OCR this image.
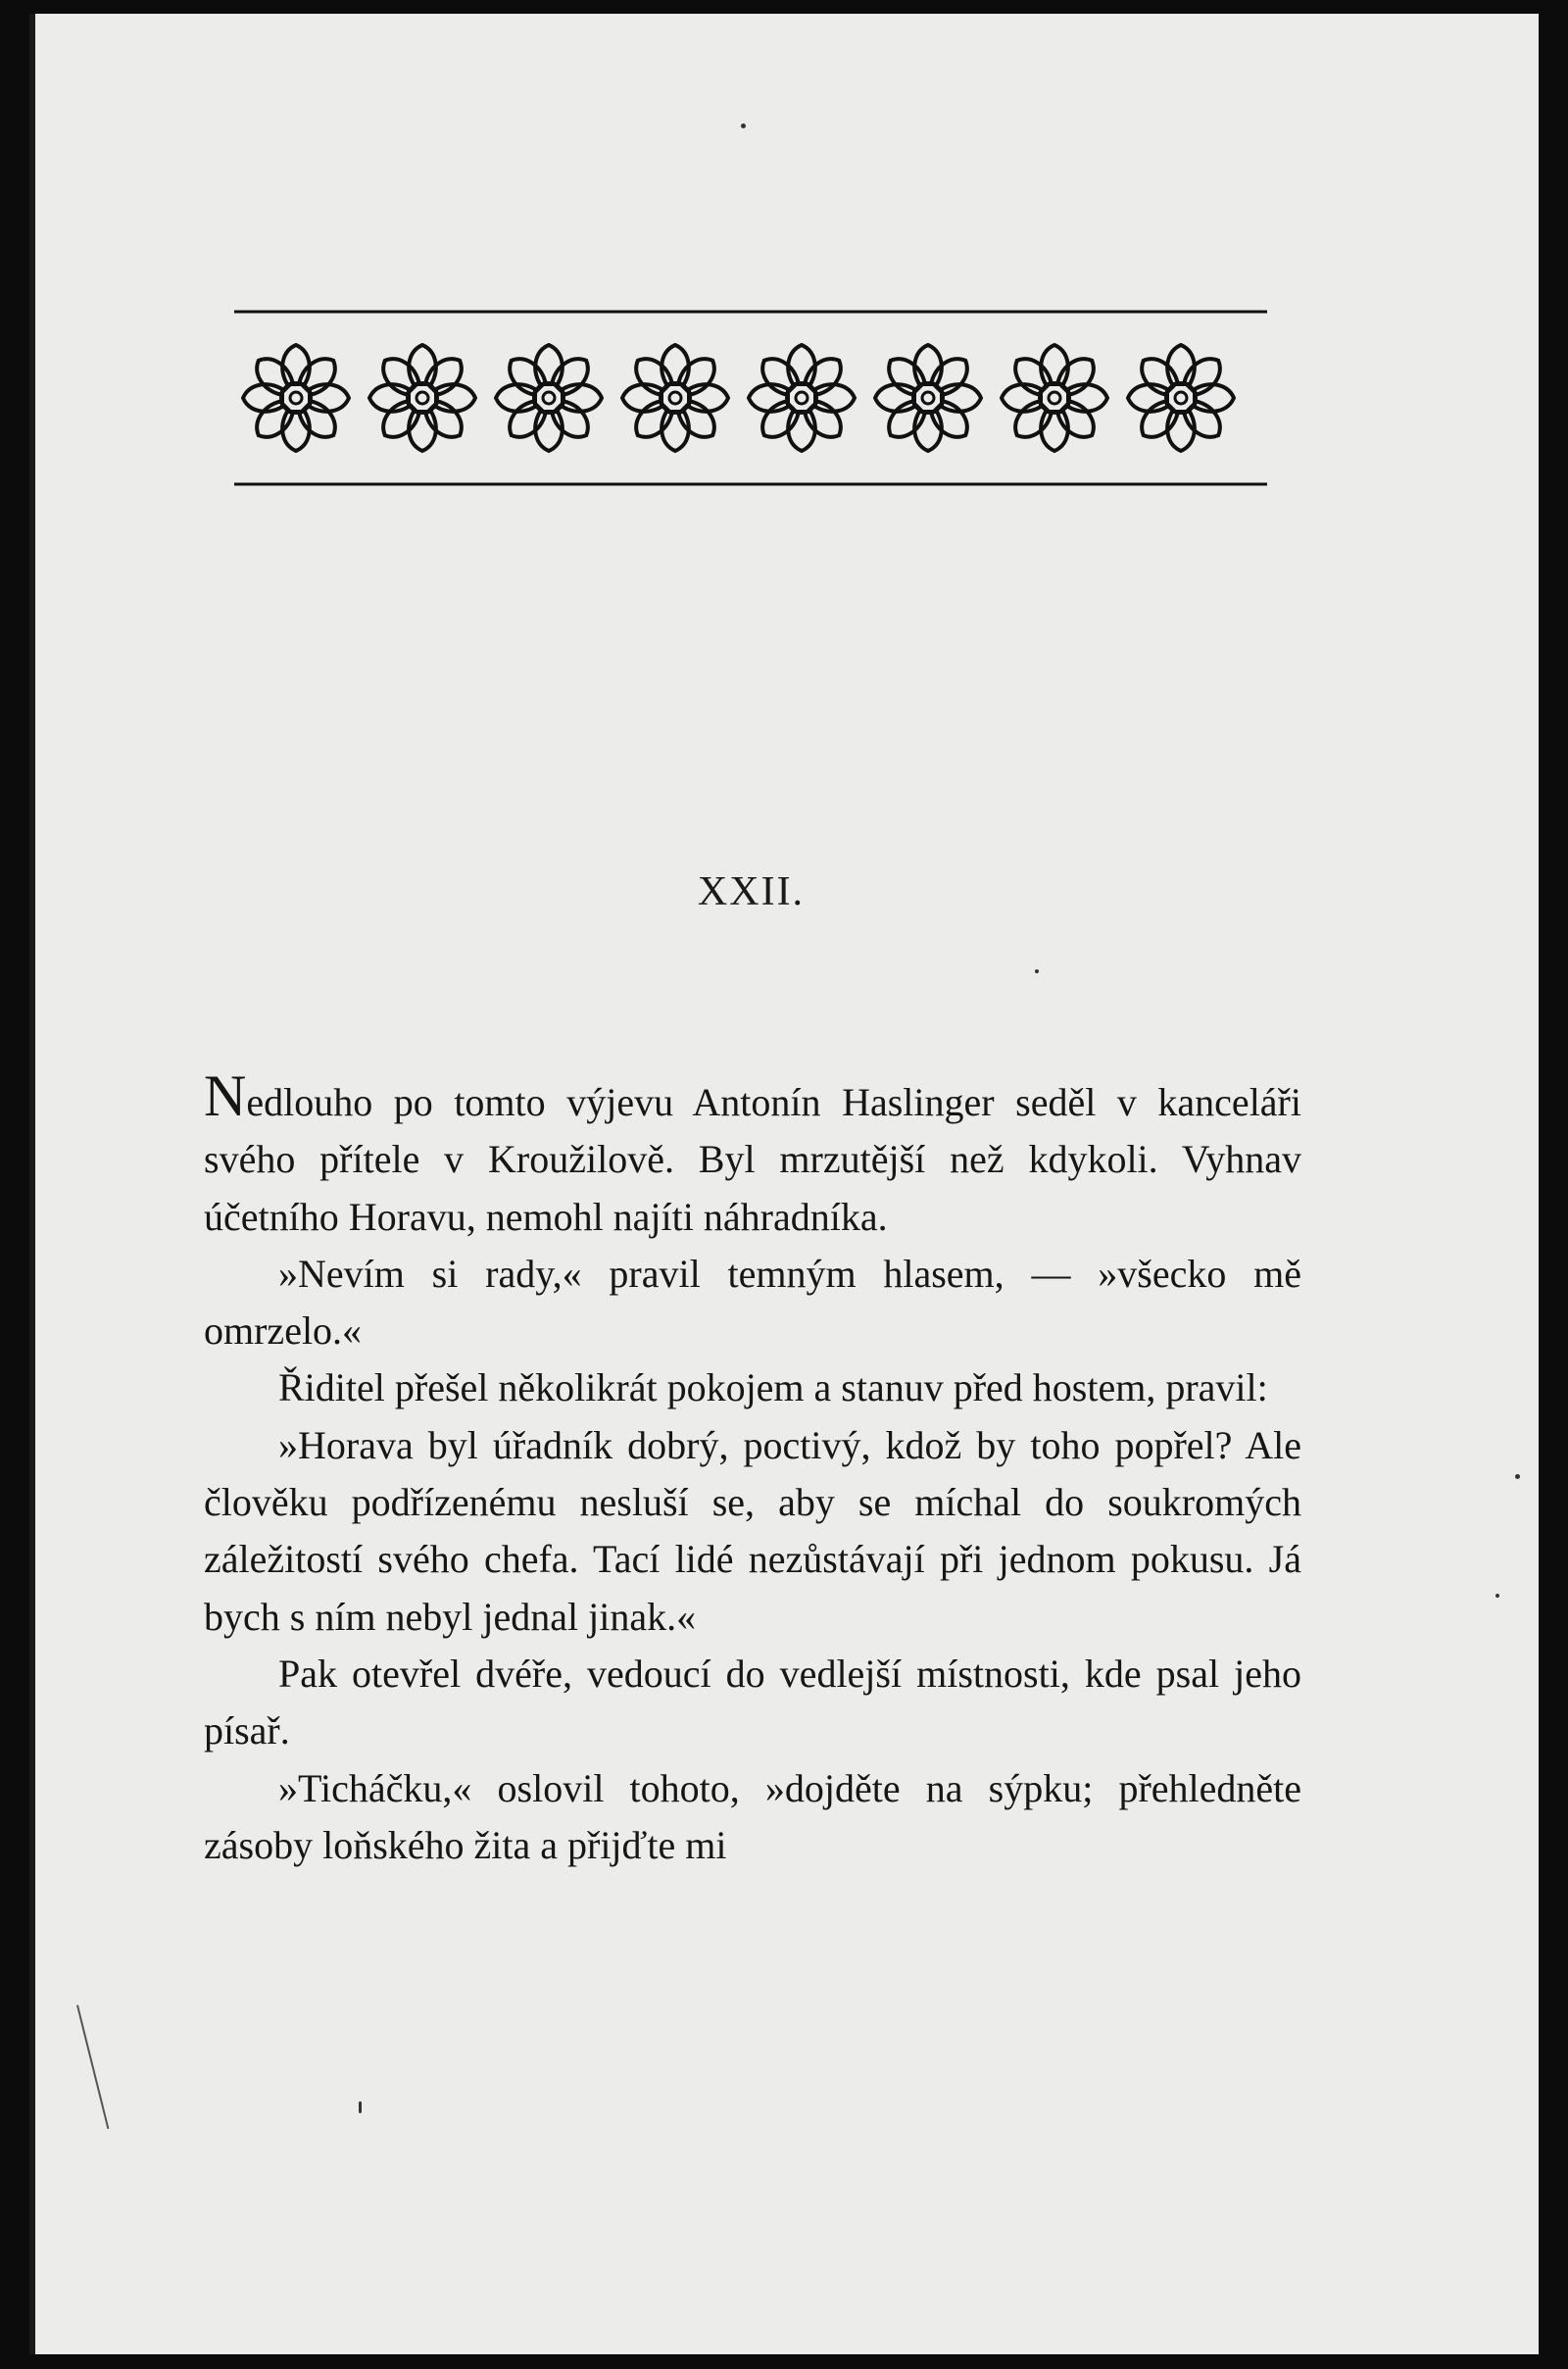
XXII.

Nedlouho po tomto výjevu Antonín Haslinger seděl v kanceláři svého přítele v Kroužilově. Byl mrzutější než kdykoli. Vyhnav účetního Horavu, nemohl najíti náhradníka.

»Nevím si rady,« pravil temným hlasem, — »všecko mě omrzelo.«

Řiditel přešel několikrát pokojem a stanuv před hostem, pravil:

»Horava byl úřadník dobrý, poctivý, kdož by toho popřel? Ale člověku podřízenému nesluší se, aby se míchal do soukromých záležitostí svého chefa. Tací lidé nezůstávají při jednom pokusu. Já bych s ním nebyl jednal jinak.«

Pak otevřel dvéře, vedoucí do vedlejší místnosti, kde psal jeho písař.

»Ticháčku,« oslovil tohoto, »dojděte na sýpku; přehledněte zásoby loňského žita a přijďte mi
